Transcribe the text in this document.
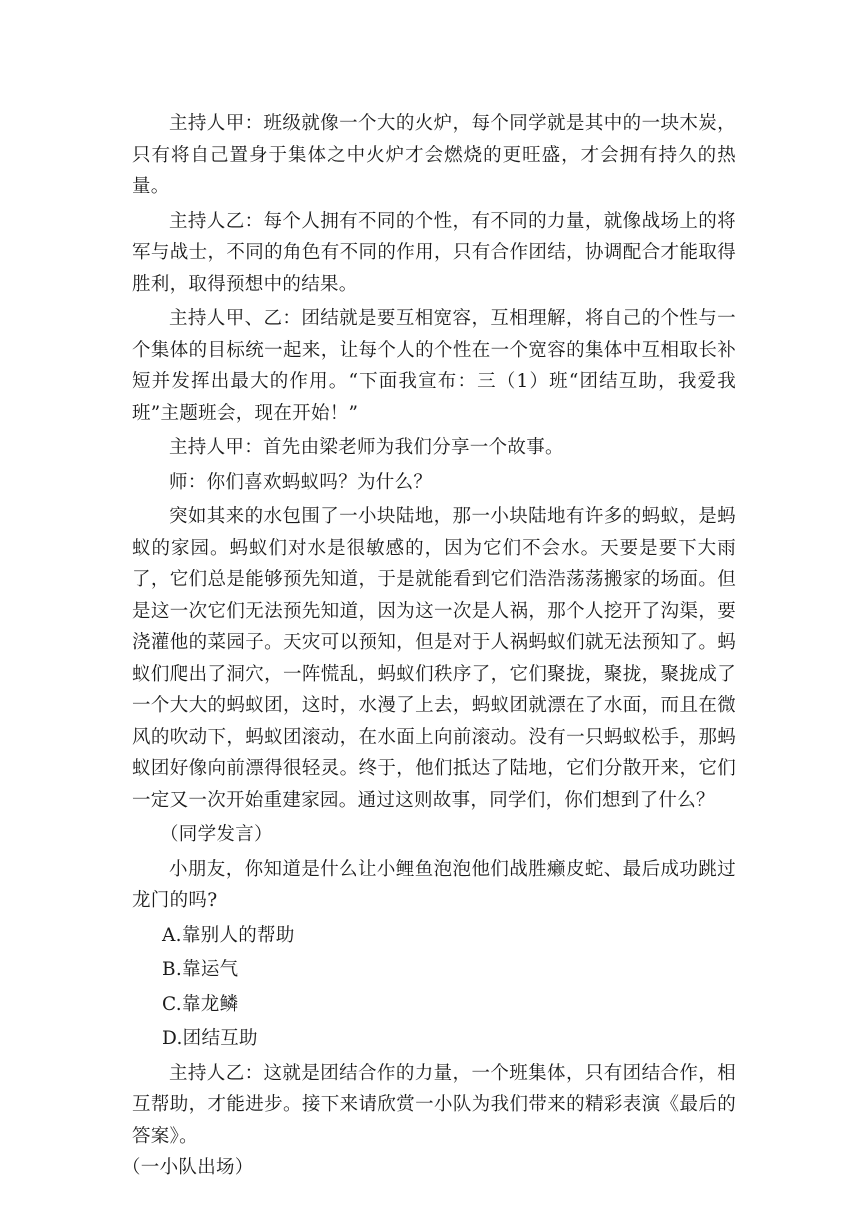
主持人甲：班级就像一个大的火炉，每个同学就是其中的一块木炭，只有将自己置身于集体之中火炉才会燃烧的更旺盛，才会拥有持久的热量。

主持人乙：每个人拥有不同的个性，有不同的力量，就像战场上的将军与战士，不同的角色有不同的作用，只有合作团结，协调配合才能取得胜利，取得预想中的结果。

主持人甲、乙：团结就是要互相宽容，互相理解，将自己的个性与一个集体的目标统一起来，让每个人的个性在一个宽容的集体中互相取长补短并发挥出最大的作用。“下面我宣布：三（1）班“团结互助，我爱我班”主题班会，现在开始！”

主持人甲：首先由梁老师为我们分享一个故事。

师：你们喜欢蚂蚁吗？为什么？

突如其来的水包围了一小块陆地，那一小块陆地有许多的蚂蚁，是蚂蚁的家园。蚂蚁们对水是很敏感的，因为它们不会水。天要是要下大雨了，它们总是能够预先知道，于是就能看到它们浩浩荡荡搬家的场面。但是这一次它们无法预先知道，因为这一次是人祸，那个人挖开了沟渠，要浇灌他的菜园子。天灾可以预知，但是对于人祸蚂蚁们就无法预知了。蚂蚁们爬出了洞穴，一阵慌乱，蚂蚁们秩序了，它们聚拢，聚拢，聚拢成了一个大大的蚂蚁团，这时，水漫了上去，蚂蚁团就漂在了水面，而且在微风的吹动下，蚂蚁团滚动，在水面上向前滚动。没有一只蚂蚁松手，那蚂蚁团好像向前漂得很轻灵。终于，他们抵达了陆地，它们分散开来，它们一定又一次开始重建家园。通过这则故事，同学们，你们想到了什么？

（同学发言）

小朋友，你知道是什么让小鲤鱼泡泡他们战胜癞皮蛇、最后成功跳过龙门的吗?

A.靠别人的帮助

B.靠运气

C.靠龙鳞

D.团结互助

主持人乙：这就是团结合作的力量，一个班集体，只有团结合作，相互帮助，才能进步。接下来请欣赏一小队为我们带来的精彩表演《最后的答案》。

（一小队出场）
